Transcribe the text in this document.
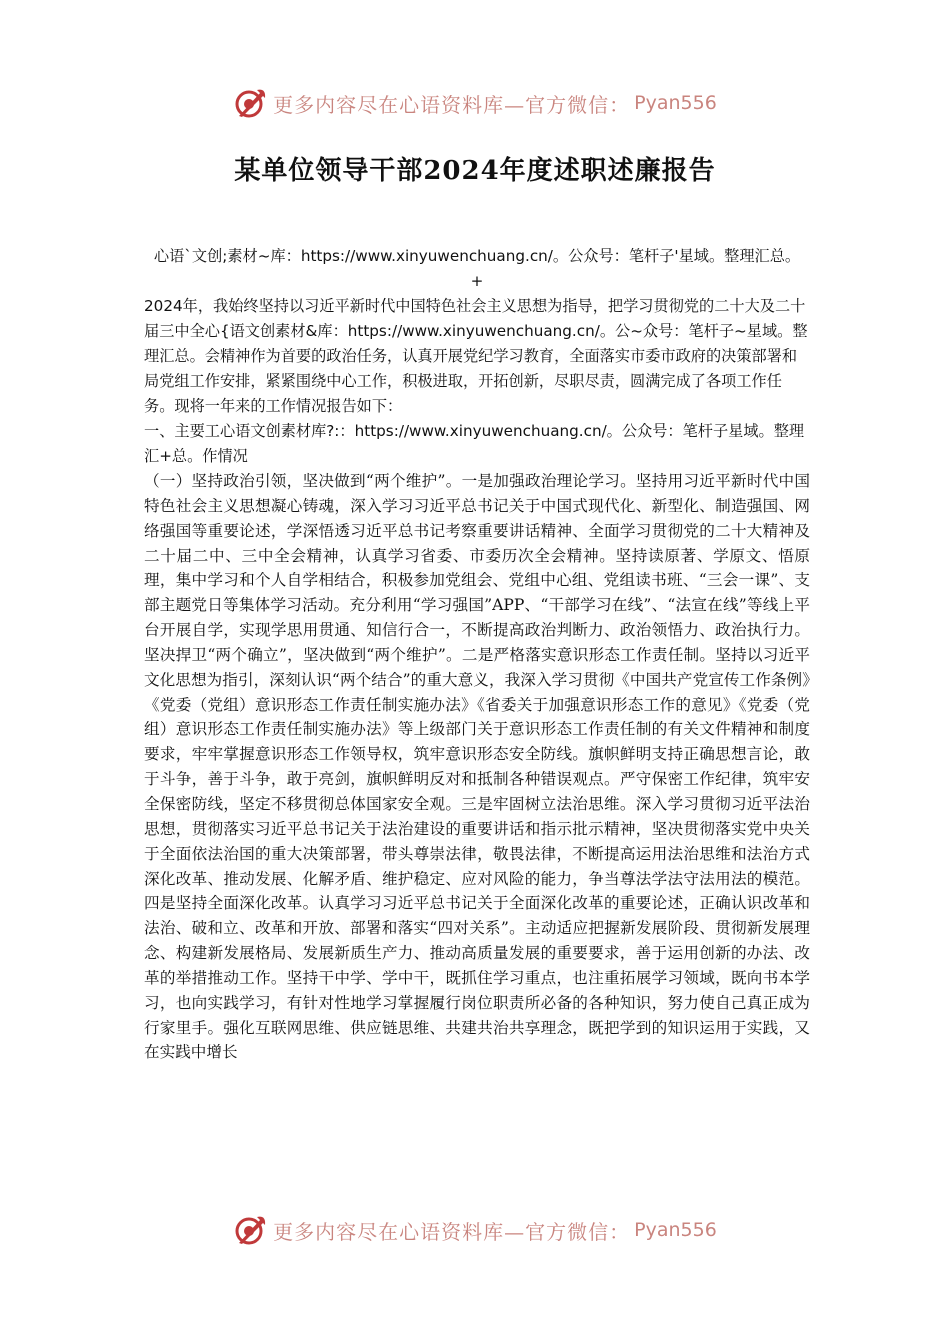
更多内容尽在心语资料库—官方微信： Pyan556
某单位领导干部2024年度述职述廉报告

心语`文创;素材~库：https://www.xinyuwenchuang.cn/。公众号：笔杆子'星域。整理汇总。+

2024年，我始终坚持以习近平新时代中国特色社会主义思想为指导，把学习贯彻党的二十大及二十届三中全心{语文创素材&库：https://www.xinyuwenchuang.cn/。公~众号：笔杆子~星域。整理汇总。会精神作为首要的政治任务，认真开展党纪学习教育，全面落实市委市政府的决策部署和局党组工作安排，紧紧围绕中心工作，积极进取，开拓创新，尽职尽责，圆满完成了各项工作任务。现将一年来的工作情况报告如下：

一、主要工心语文创素材库?:：https://www.xinyuwenchuang.cn/。公众号：笔杆子星域。整理汇+总。作情况

（一）坚持政治引领，坚决做到“两个维护”。一是加强政治理论学习。坚持用习近平新时代中国特色社会主义思想凝心铸魂，深入学习习近平总书记关于中国式现代化、新型化、制造强国、网络强国等重要论述，学深悟透习近平总书记考察重要讲话精神、全面学习贯彻党的二十大精神及二十届二中、三中全会精神，认真学习省委、市委历次全会精神。坚持读原著、学原文、悟原理，集中学习和个人自学相结合，积极参加党组会、党组中心组、党组读书班、“三会一课”、支部主题党日等集体学习活动。充分利用“学习强国”APP、“干部学习在线”、“法宣在线”等线上平台开展自学，实现学思用贯通、知信行合一，不断提高政治判断力、政治领悟力、政治执行力。坚决捍卫“两个确立”，坚决做到“两个维护”。二是严格落实意识形态工作责任制。坚持以习近平文化思想为指引，深刻认识“两个结合”的重大意义，我深入学习贯彻《中国共产党宣传工作条例》《党委（党组）意识形态工作责任制实施办法》《省委关于加强意识形态工作的意见》《党委（党组）意识形态工作责任制实施办法》等上级部门关于意识形态工作责任制的有关文件精神和制度要求，牢牢掌握意识形态工作领导权，筑牢意识形态安全防线。旗帜鲜明支持正确思想言论，敢于斗争，善于斗争，敢于亮剑，旗帜鲜明反对和抵制各种错误观点。严守保密工作纪律，筑牢安全保密防线，坚定不移贯彻总体国家安全观。三是牢固树立法治思维。深入学习贯彻习近平法治思想，贯彻落实习近平总书记关于法治建设的重要讲话和指示批示精神，坚决贯彻落实党中央关于全面依法治国的重大决策部署，带头尊崇法律，敬畏法律，不断提高运用法治思维和法治方式深化改革、推动发展、化解矛盾、维护稳定、应对风险的能力，争当尊法学法守法用法的模范。四是坚持全面深化改革。认真学习习近平总书记关于全面深化改革的重要论述，正确认识改革和法治、破和立、改革和开放、部署和落实“四对关系”。主动适应把握新发展阶段、贯彻新发展理念、构建新发展格局、发展新质生产力、推动高质量发展的重要要求，善于运用创新的办法、改革的举措推动工作。坚持干中学、学中干，既抓住学习重点，也注重拓展学习领域，既向书本学习，也向实践学习，有针对性地学习掌握履行岗位职责所必备的各种知识，努力使自己真正成为行家里手。强化互联网思维、供应链思维、共建共治共享理念，既把学到的知识运用于实践，又在实践中增长

更多内容尽在心语资料库—官方微信： Pyan556
